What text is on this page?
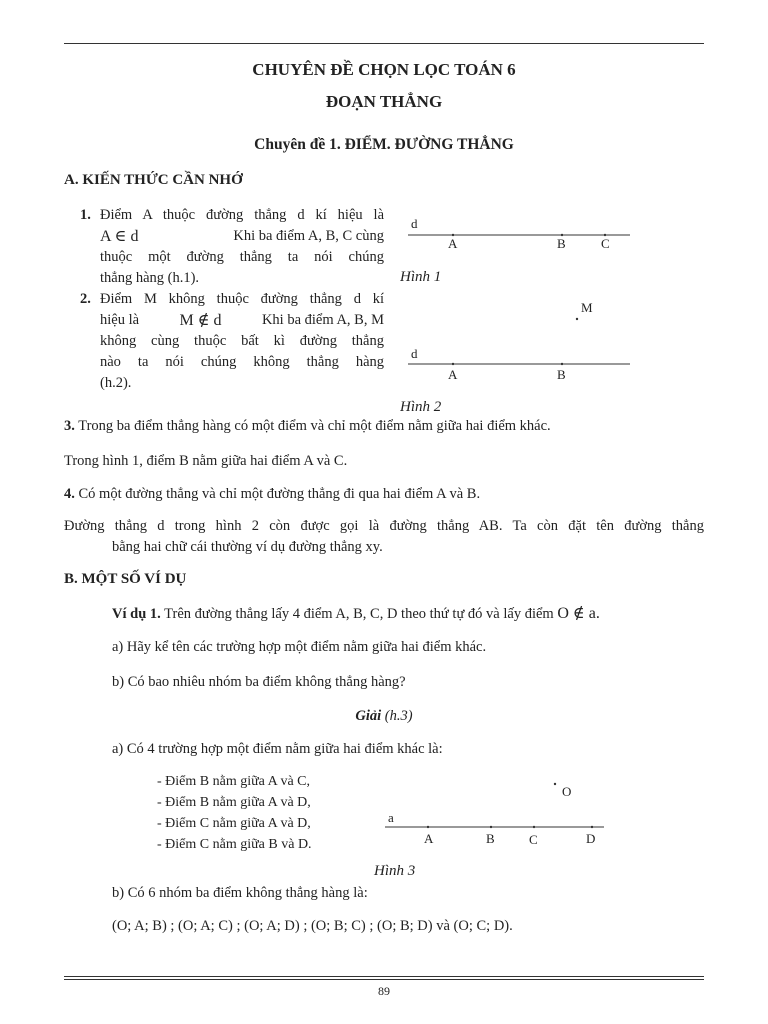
CHUYÊN ĐỀ CHỌN LỌC TOÁN 6
ĐOẠN THẲNG
Chuyên đề 1. ĐIỂM. ĐƯỜNG THẲNG
A. KIẾN THỨC CẦN NHỚ
1. Điểm A thuộc đường thẳng d kí hiệu là
A ∈ d	Khi ba điểm A, B, C cùng
thuộc một đường thẳng ta nói chúng
thẳng hàng (h.1).
2. Điểm M không thuộc đường thẳng d kí
hiệu là	M ∉ d	Khi ba điểm A, B, M
không cùng thuộc bất kì đường thẳng
nào ta nói chúng không thẳng hàng
(h.2).
d
A	B	C
Hình 1
M
d
A	B
Hình 2
3. Trong ba điểm thẳng hàng có một điểm và chỉ một điểm nằm giữa hai điểm khác.
Trong hình 1, điểm B nằm giữa hai điểm A và C.
4. Có một đường thẳng và chỉ một đường thẳng đi qua hai điểm A và B.
Đường thẳng d trong hình 2 còn được gọi là đường thẳng AB. Ta còn đặt tên đường thẳng
bằng hai chữ cái thường ví dụ đường thẳng xy.
B. MỘT SỐ VÍ DỤ
Ví dụ 1. Trên đường thẳng lấy 4 điểm A, B, C, D theo thứ tự đó và lấy điểm O ∉ a.
a) Hãy kể tên các trường hợp một điểm nằm giữa hai điểm khác.
b) Có bao nhiêu nhóm ba điểm không thẳng hàng?
Giải (h.3)
a) Có 4 trường hợp một điểm nằm giữa hai điểm khác là:
- Điểm B nằm giữa A và C,
- Điểm B nằm giữa A và D,
- Điểm C nằm giữa A và D,
- Điểm C nằm giữa B và D.
O
a
A	B	C	D
Hình 3
b) Có 6 nhóm ba điểm không thẳng hàng là:
(O; A; B) ; (O; A; C) ; (O; A; D) ; (O; B; C) ; (O; B; D) và (O; C; D).
89
